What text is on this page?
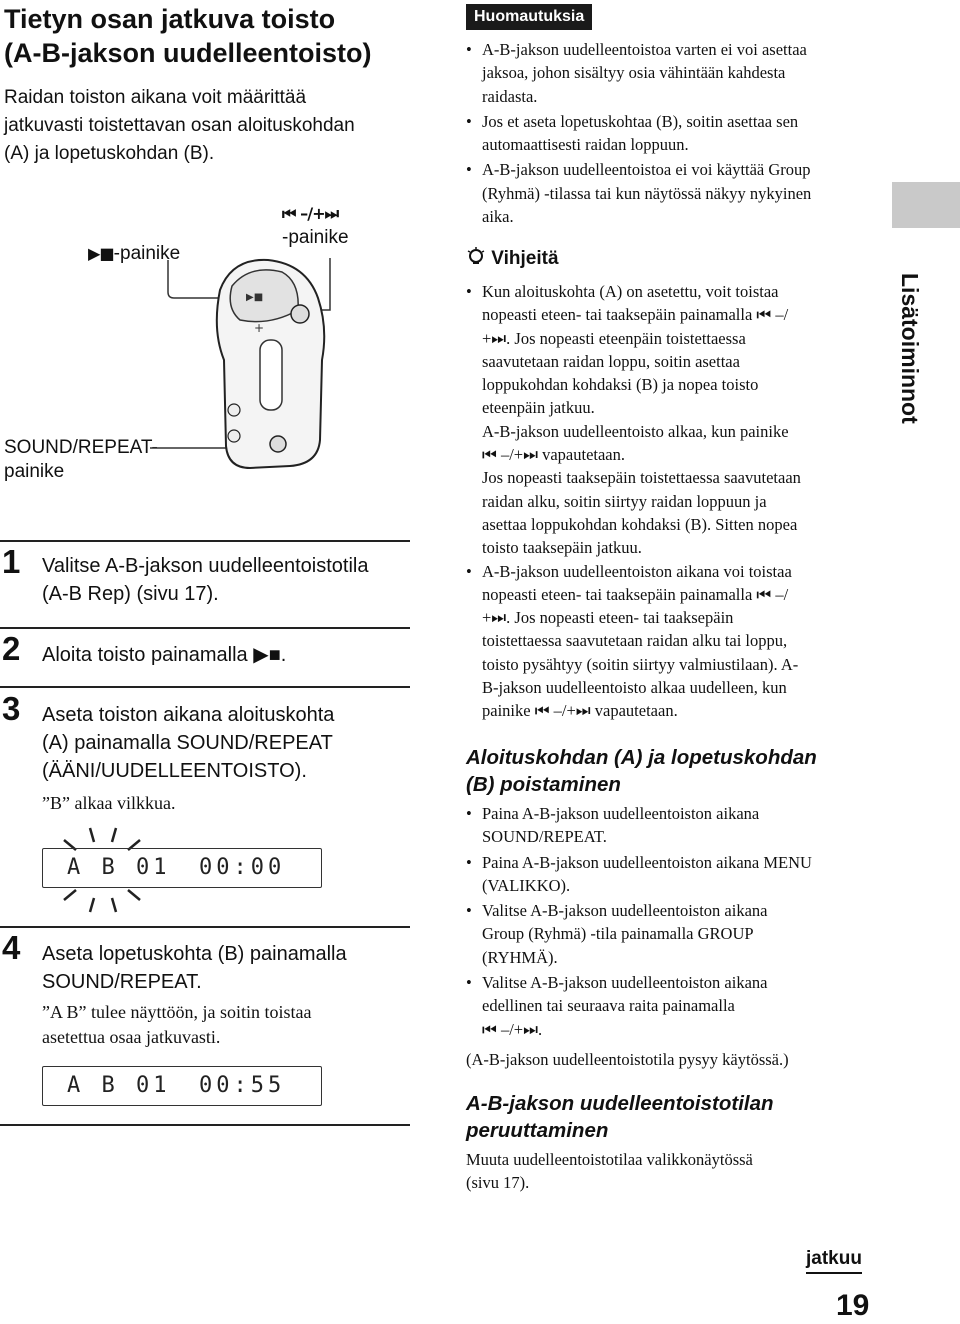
Tietyn osan jatkuva toisto
(A-B-jakson uudelleentoisto)
Raidan toiston aikana voit määrittää
jatkuvasti toistettavan osan aloituskohdan
(A) ja lopetuskohdan (B).
▶■-painike
⏮ –/+⏭
-painike
SOUND/REPEAT-
painike
▶■
+
1 Valitse A-B-jakson uudelleentoistotila
(A-B Rep) (sivu 17).
2 Aloita toisto painamalla ▶■.
3 Aseta toiston aikana aloituskohta
(A) painamalla SOUND/REPEAT
(ÄÄNI/UUDELLEENTOISTO).
”B” alkaa vilkkua.
A B 01 00:00
4 Aseta lopetuskohta (B) painamalla
SOUND/REPEAT.
”A B” tulee näyttöön, ja soitin toistaa
asetettua osaa jatkuvasti.
A B 01 00:55
Huomautuksia
• A-B-jakson uudelleentoistoa varten ei voi asettaa
jaksoa, johon sisältyy osia vähintään kahdesta
raidasta.
• Jos et aseta lopetuskohtaa (B), soitin asettaa sen
automaattisesti raidan loppuun.
• A-B-jakson uudelleentoistoa ei voi käyttää Group
(Ryhmä) -tilassa tai kun näytössä näkyy nykyinen
aika.
Vihjeitä
• Kun aloituskohta (A) on asetettu, voit toistaa
nopeasti eteen- tai taaksepäin painamalla ⏮ –/
+⏭. Jos nopeasti eteenpäin toistettaessa
saavutetaan raidan loppu, soitin asettaa
loppukohdan kohdaksi (B) ja nopea toisto
eteenpäin jatkuu.
A-B-jakson uudelleentoisto alkaa, kun painike
⏮ –/+⏭ vapautetaan.
Jos nopeasti taaksepäin toistettaessa saavutetaan
raidan alku, soitin siirtyy raidan loppuun ja
asettaa loppukohdan kohdaksi (B). Sitten nopea
toisto taaksepäin jatkuu.
• A-B-jakson uudelleentoiston aikana voi toistaa
nopeasti eteen- tai taaksepäin painamalla ⏮ –/
+⏭. Jos nopeasti eteen- tai taaksepäin
toistettaessa saavutetaan raidan alku tai loppu,
toisto pysähtyy (soitin siirtyy valmiustilaan). A-
B-jakson uudelleentoisto alkaa uudelleen, kun
painike ⏮ –/+⏭ vapautetaan.
Aloituskohdan (A) ja lopetuskohdan
(B) poistaminen
• Paina A-B-jakson uudelleentoiston aikana
SOUND/REPEAT.
• Paina A-B-jakson uudelleentoiston aikana MENU
(VALIKKO).
• Valitse A-B-jakson uudelleentoiston aikana
Group (Ryhmä) -tila painamalla GROUP
(RYHMÄ).
• Valitse A-B-jakson uudelleentoiston aikana
edellinen tai seuraava raita painamalla
⏮ –/+⏭.
(A-B-jakson uudelleentoistotila pysyy käytössä.)
A-B-jakson uudelleentoistotilan
peruuttaminen
Muuta uudelleentoistotilaa valikkonäytössä
(sivu 17).
jatkuu
19
Lisätoiminnot
